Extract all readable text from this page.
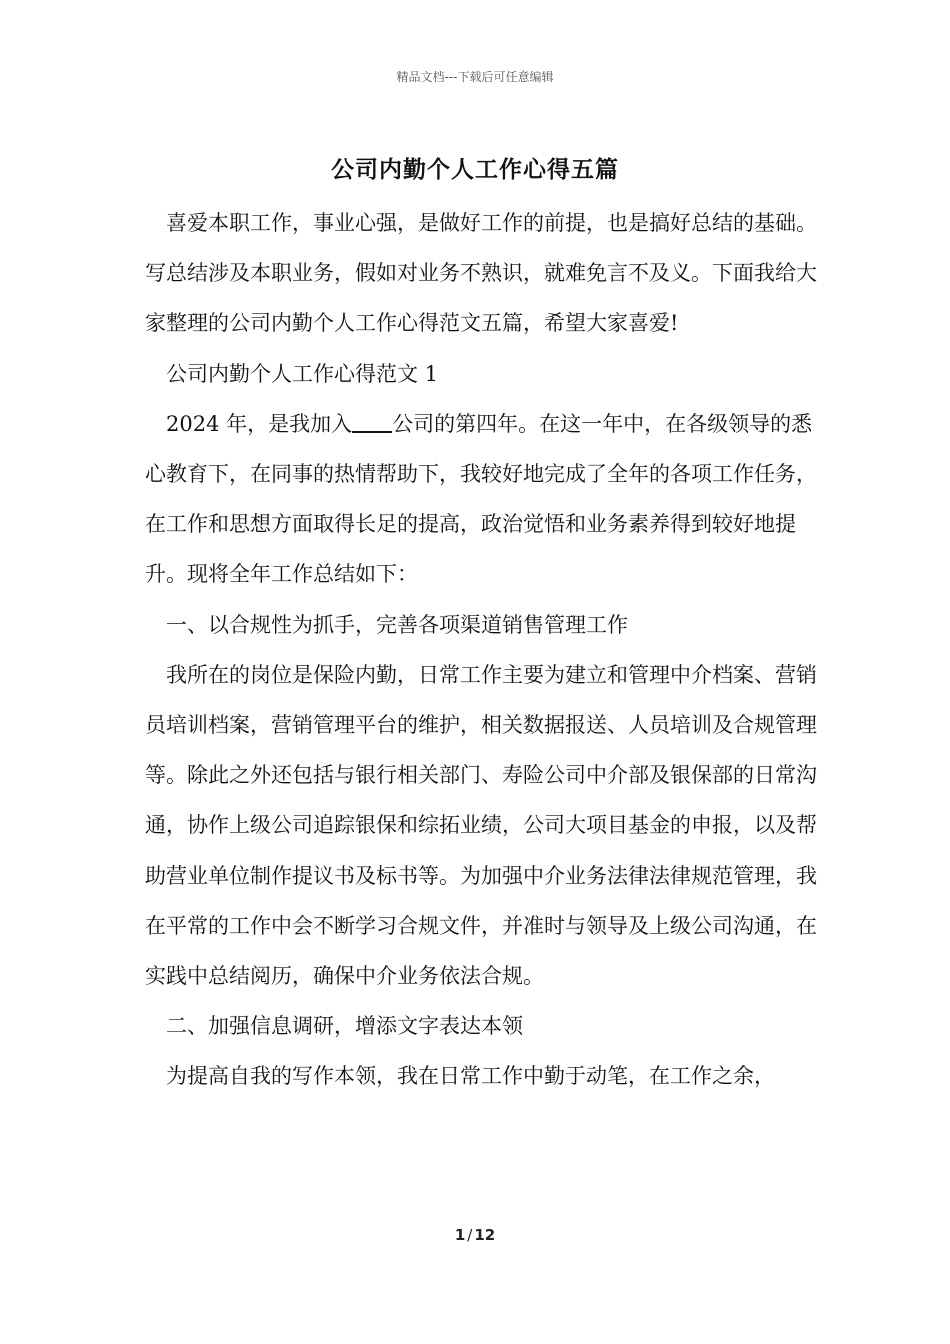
精品文档---下载后可任意编辑
公司内勤个人工作心得五篇

喜爱本职工作，事业心强，是做好工作的前提，也是搞好总结的基础。写总结涉及本职业务，假如对业务不熟识，就难免言不及义。下面我给大家整理的公司内勤个人工作心得范文五篇，希望大家喜爱!

公司内勤个人工作心得范文 1

2024 年，是我加入 公司的第四年。在这一年中，在各级领导的悉心教育下，在同事的热情帮助下，我较好地完成了全年的各项工作任务，在工作和思想方面取得长足的提高，政治觉悟和业务素养得到较好地提升。现将全年工作总结如下：

一、以合规性为抓手，完善各项渠道销售管理工作

我所在的岗位是保险内勤，日常工作主要为建立和管理中介档案、营销员培训档案，营销管理平台的维护，相关数据报送、人员培训及合规管理等。除此之外还包括与银行相关部门、寿险公司中介部及银保部的日常沟通，协作上级公司追踪银保和综拓业绩，公司大项目基金的申报，以及帮助营业单位制作提议书及标书等。为加强中介业务法律法律规范管理，我在平常的工作中会不断学习合规文件，并准时与领导及上级公司沟通，在实践中总结阅历，确保中介业务依法合规。

二、加强信息调研，增添文字表达本领

为提高自我的写作本领，我在日常工作中勤于动笔，在工作之余，

1 / 12
